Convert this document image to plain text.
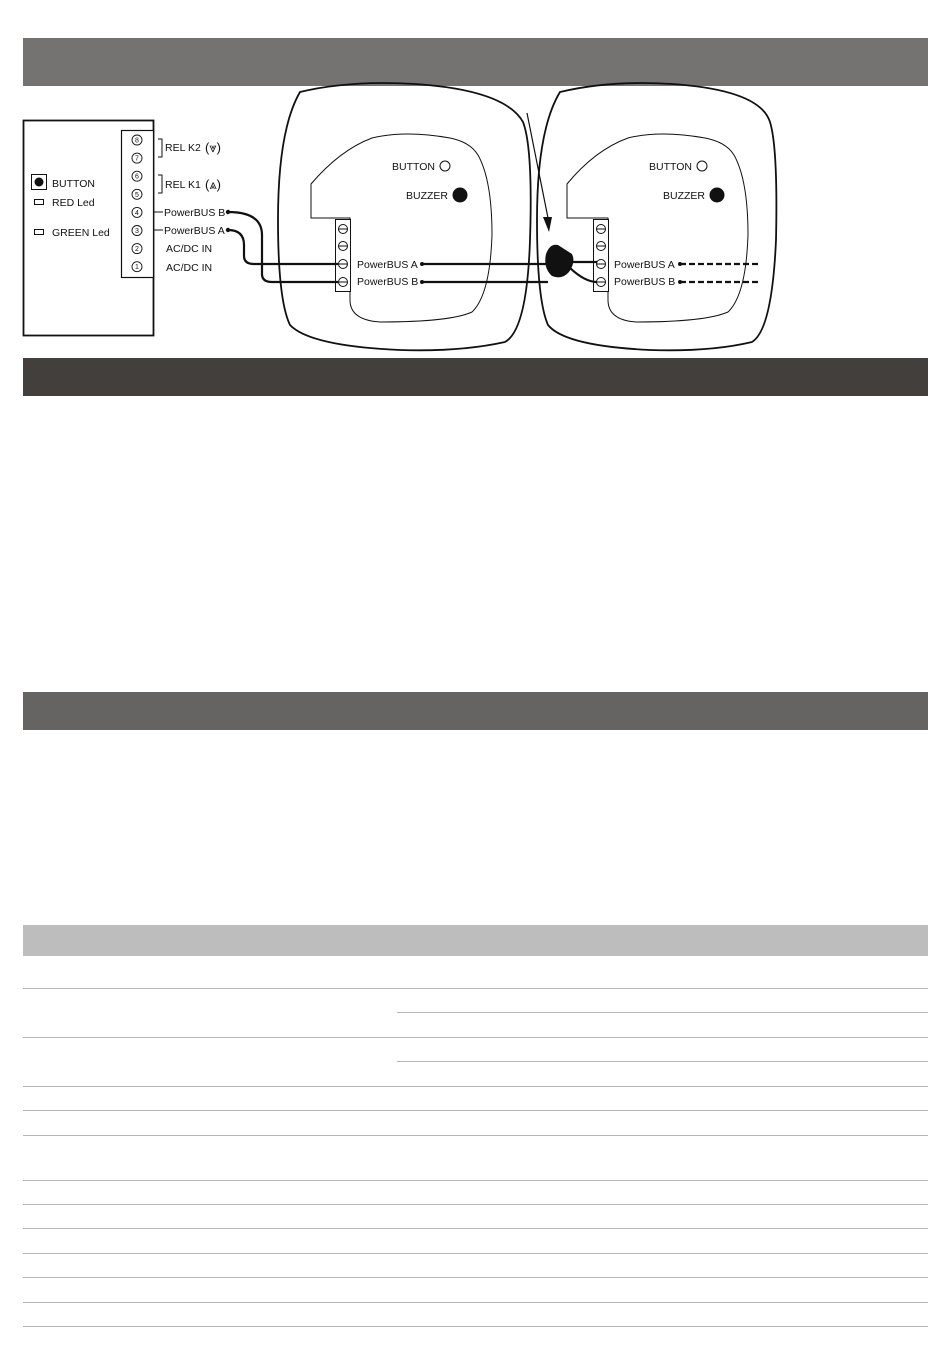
8
7
6
5
4
3
2
1
REL K2 (⩔)
REL K1 (⩓)
PowerBUS B
PowerBUS A
AC/DC IN
AC/DC IN
BUTTON
RED Led
GREEN Led
BUTTON
BUZZER
PowerBUS A
PowerBUS B
BUTTON
BUZZER
PowerBUS A
PowerBUS B
